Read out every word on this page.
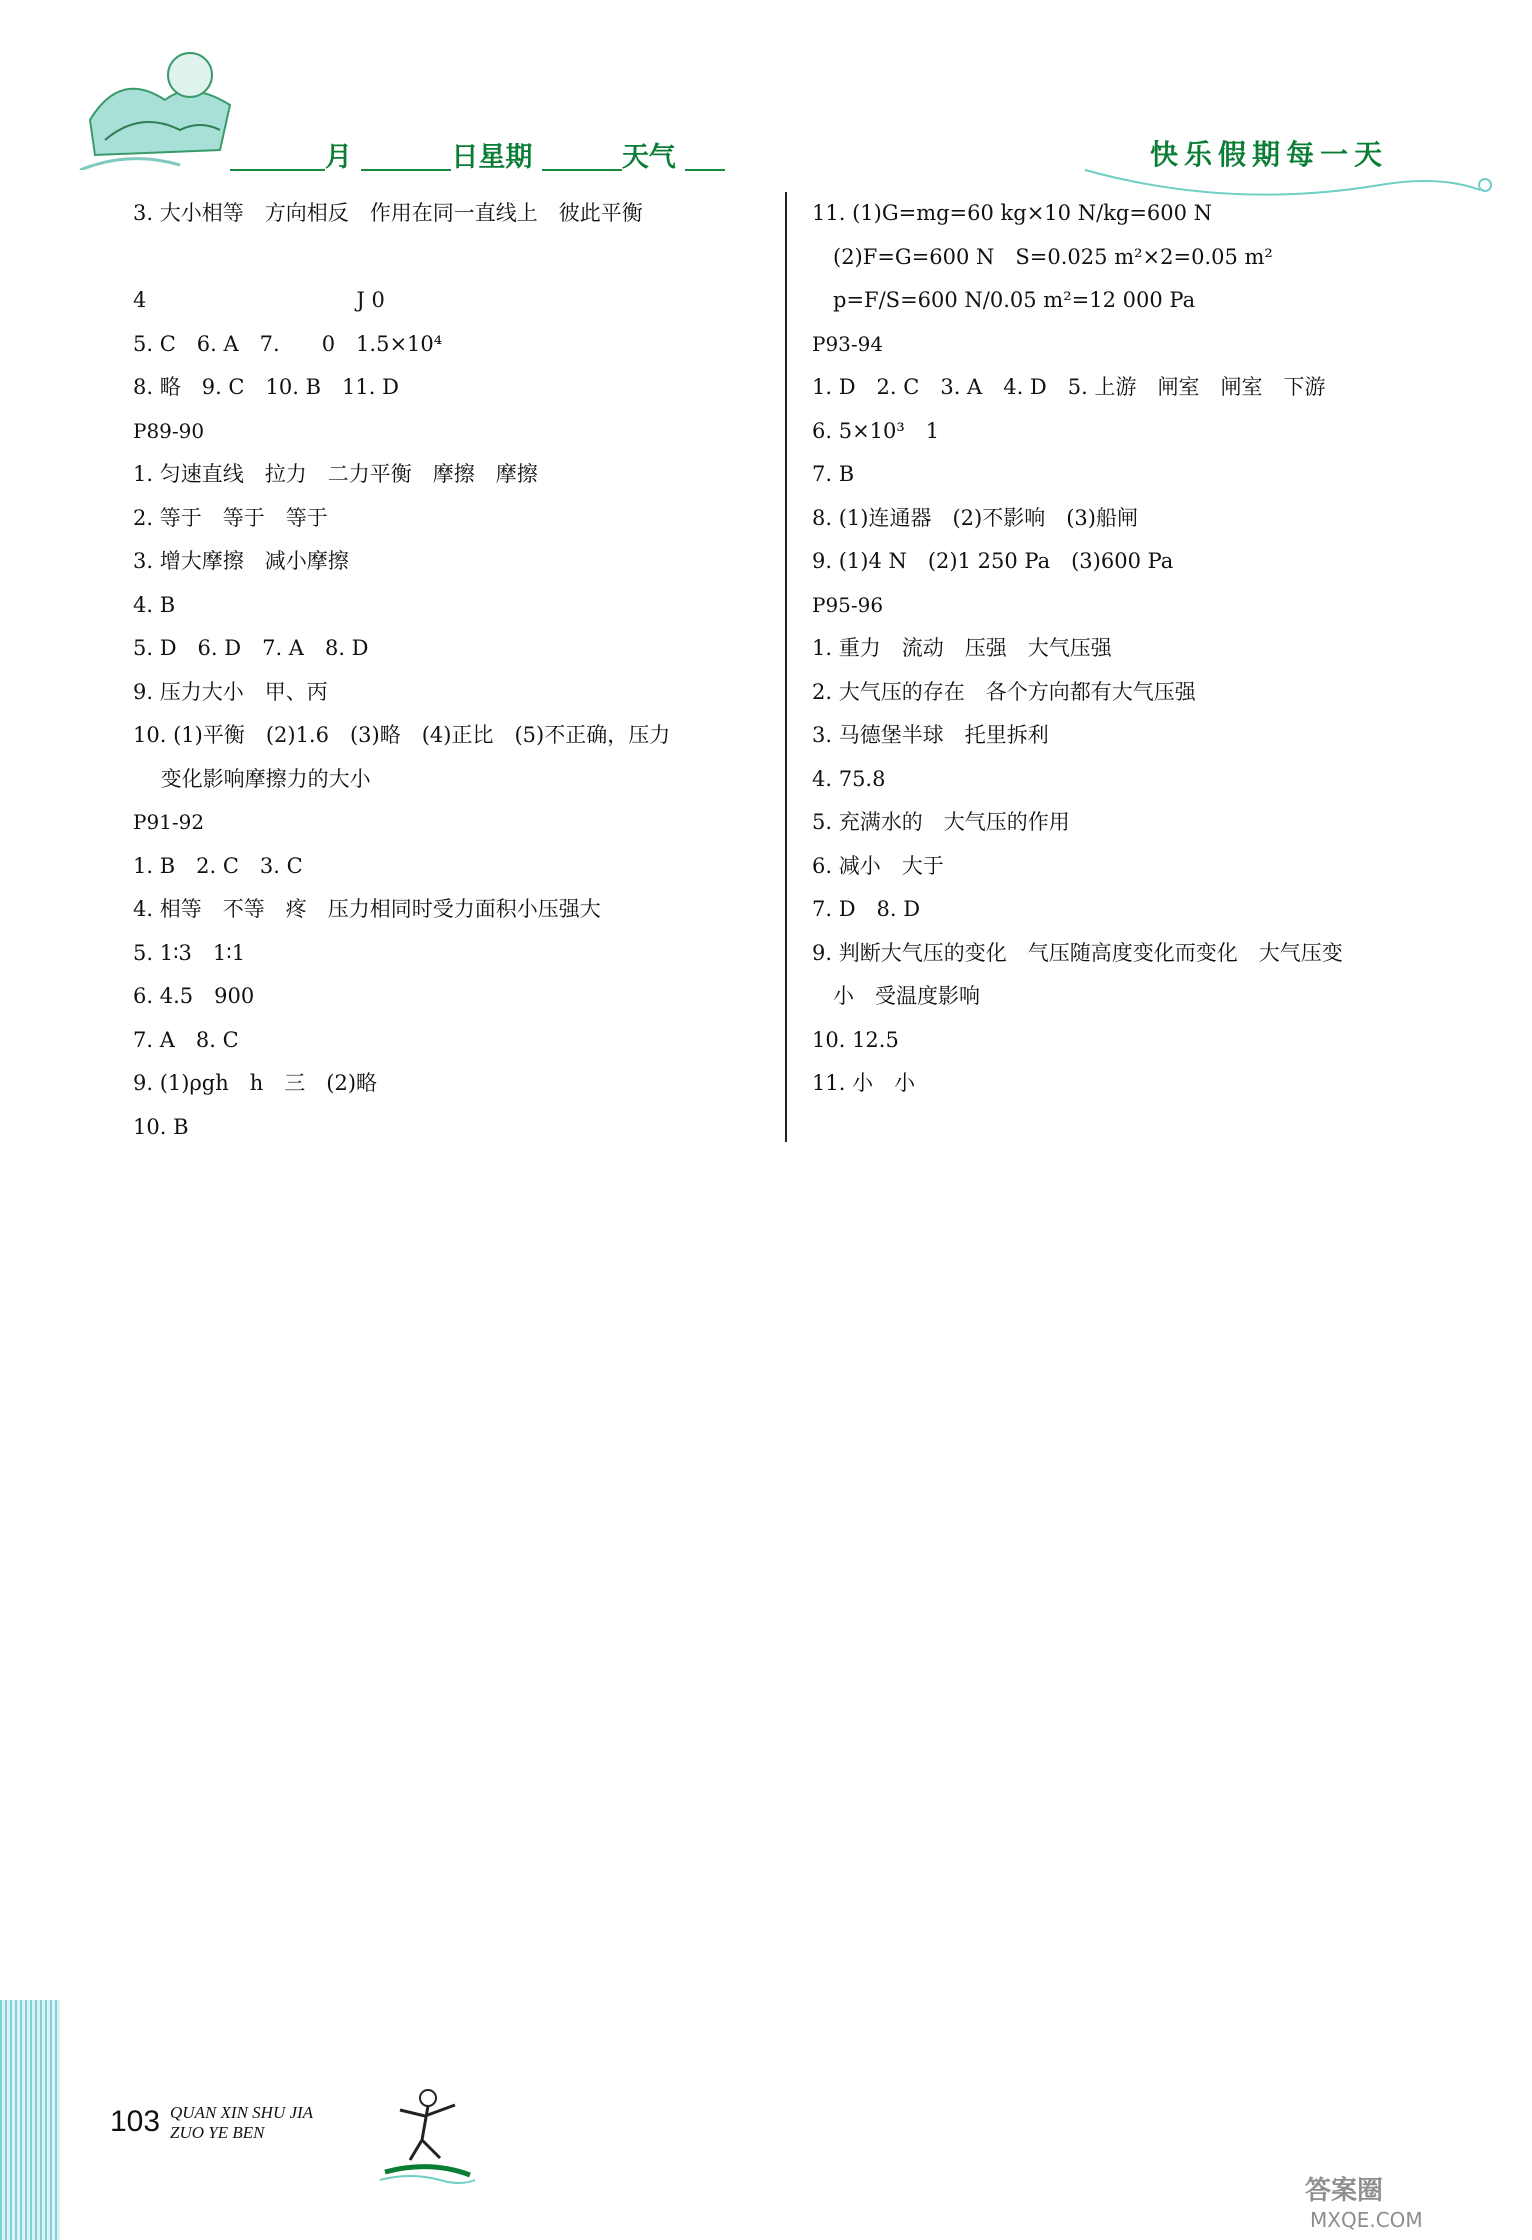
月	日星期	天气	快乐假期每一天
3. 大小相等　方向相反　作用在同一直线上　彼此平衡

4　　　　　　　　　　J 0
5. C　6. A　7.　　0　1.5×10⁴
8. 略　9. C　10. B　11. D
P89-90
1. 匀速直线　拉力　二力平衡　摩擦　摩擦
2. 等于　等于　等于
3. 增大摩擦　减小摩擦
4. B
5. D　6. D　7. A　8. D
9. 压力大小　甲、丙
10. (1)平衡　(2)1.6　(3)略　(4)正比　(5)不正确，压力
　 变化影响摩擦力的大小
P91-92
1. B　2. C　3. C
4. 相等　不等　疼　压力相同时受力面积小压强大
5. 1∶3　1∶1
6. 4.5　900
7. A　8. C
9. (1)ρgh　h　三　(2)略
10. B
11. (1)G=mg=60 kg×10 N/kg=600 N
　(2)F=G=600 N　S=0.025 m²×2=0.05 m²
　p=F/S=600 N/0.05 m²=12 000 Pa
P93-94
1. D　2. C　3. A　4. D　5. 上游　闸室　闸室　下游
6. 5×10³　1
7. B
8. (1)连通器　(2)不影响　(3)船闸
9. (1)4 N　(2)1 250 Pa　(3)600 Pa
P95-96
1. 重力　流动　压强　大气压强
2. 大气压的存在　各个方向都有大气压强
3. 马德堡半球　托里拆利
4. 75.8
5. 充满水的　大气压的作用
6. 减小　大于
7. D　8. D
9. 判断大气压的变化　气压随高度变化而变化　大气压变
　小　受温度影响
10. 12.5
11. 小　小
103 QUAN XIN SHU JIA
ZUO YE BEN
答案圈
MXQE.COM
